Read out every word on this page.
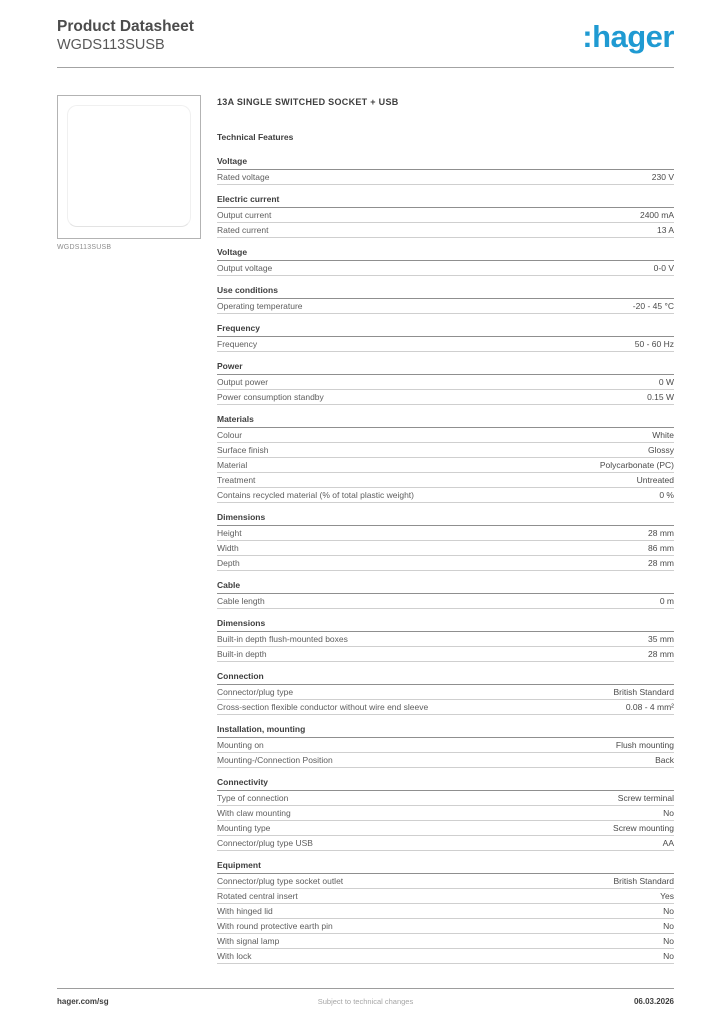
Product Datasheet
WGDS113SUSB	:hager
WGDS113SUSB
13A SINGLE SWITCHED SOCKET + USB
Technical Features
Voltage
Rated voltage	230 V
Electric current
Output current	2400 mA
Rated current	13 A
Voltage
Output voltage	0-0 V
Use conditions
Operating temperature	-20 - 45 °C
Frequency
Frequency	50 - 60 Hz
Power
Output power	0 W
Power consumption standby	0.15 W
Materials
Colour	White
Surface finish	Glossy
Material	Polycarbonate (PC)
Treatment	Untreated
Contains recycled material (% of total plastic weight)	0 %
Dimensions
Height	28 mm
Width	86 mm
Depth	28 mm
Cable
Cable length	0 m
Dimensions
Built-in depth flush-mounted boxes	35 mm
Built-in depth	28 mm
Connection
Connector/plug type	British Standard
Cross-section flexible conductor without wire end sleeve	0.08 - 4 mm²
Installation, mounting
Mounting on	Flush mounting
Mounting-/Connection Position	Back
Connectivity
Type of connection	Screw terminal
With claw mounting	No
Mounting type	Screw mounting
Connector/plug type USB	AA
Equipment
Connector/plug type socket outlet	British Standard
Rotated central insert	Yes
With hinged lid	No
With round protective earth pin	No
With signal lamp	No
With lock	No
hager.com/sg	Subject to technical changes	06.03.2026
